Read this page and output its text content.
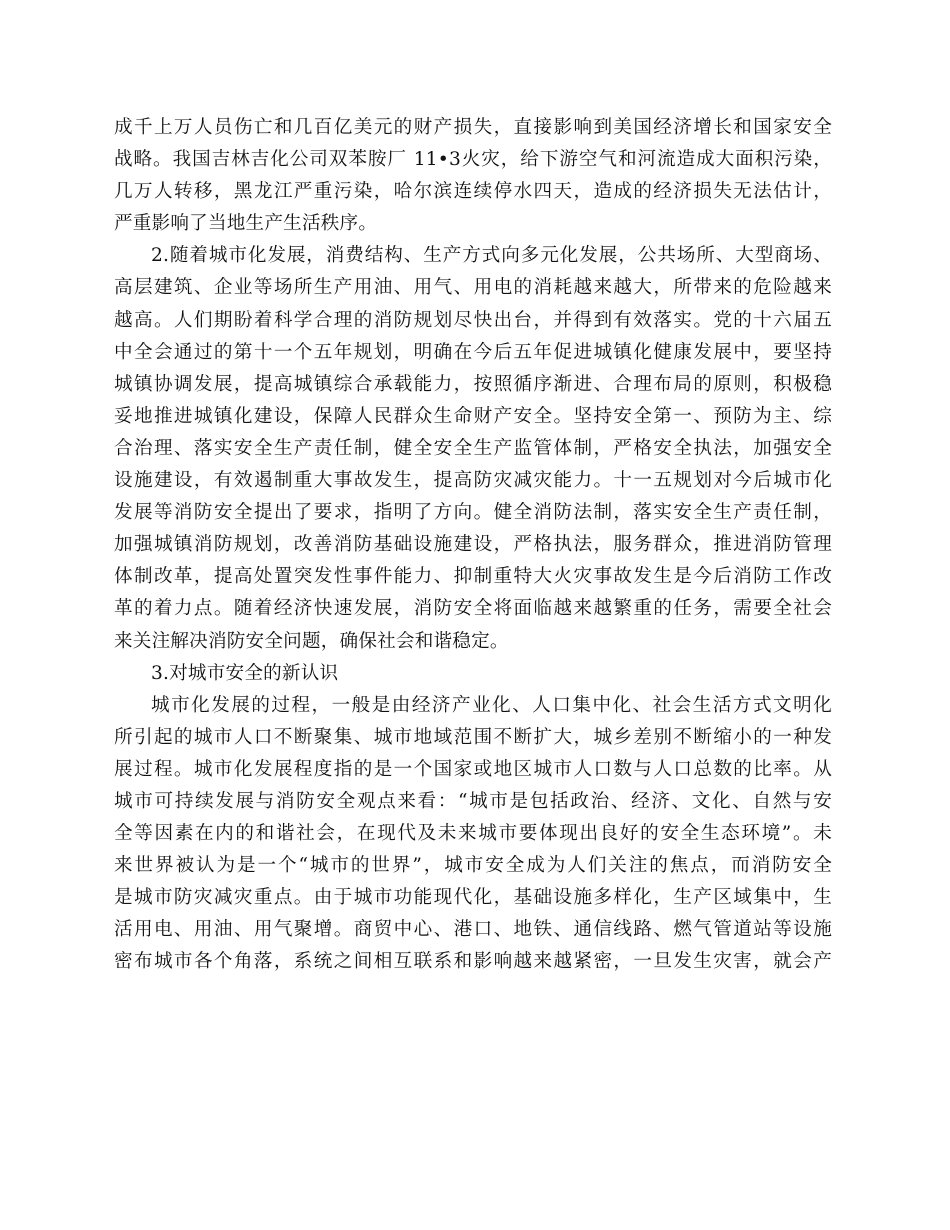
成千上万人员伤亡和几百亿美元的财产损失，直接影响到美国经济增长和国家安全
战略。我国吉林吉化公司双苯胺厂 11•3火灾，给下游空气和河流造成大面积污染，
几万人转移，黑龙江严重污染，哈尔滨连续停水四天，造成的经济损失无法估计，
严重影响了当地生产生活秩序。
2.随着城市化发展，消费结构、生产方式向多元化发展，公共场所、大型商场、
高层建筑、企业等场所生产用油、用气、用电的消耗越来越大，所带来的危险越来
越高。人们期盼着科学合理的消防规划尽快出台，并得到有效落实。党的十六届五
中全会通过的第十一个五年规划，明确在今后五年促进城镇化健康发展中，要坚持
城镇协调发展，提高城镇综合承载能力，按照循序渐进、合理布局的原则，积极稳
妥地推进城镇化建设，保障人民群众生命财产安全。坚持安全第一、预防为主、综
合治理、落实安全生产责任制，健全安全生产监管体制，严格安全执法，加强安全
设施建设，有效遏制重大事故发生，提高防灾减灾能力。十一五规划对今后城市化
发展等消防安全提出了要求，指明了方向。健全消防法制，落实安全生产责任制，
加强城镇消防规划，改善消防基础设施建设，严格执法，服务群众，推进消防管理
体制改革，提高处置突发性事件能力、抑制重特大火灾事故发生是今后消防工作改
革的着力点。随着经济快速发展，消防安全将面临越来越繁重的任务，需要全社会
来关注解决消防安全问题，确保社会和谐稳定。
3.对城市安全的新认识
城市化发展的过程，一般是由经济产业化、人口集中化、社会生活方式文明化
所引起的城市人口不断聚集、城市地域范围不断扩大，城乡差别不断缩小的一种发
展过程。城市化发展程度指的是一个国家或地区城市人口数与人口总数的比率。从
城市可持续发展与消防安全观点来看：“城市是包括政治、经济、文化、自然与安
全等因素在内的和谐社会，在现代及未来城市要体现出良好的安全生态环境”。未
来世界被认为是一个“城市的世界”，城市安全成为人们关注的焦点，而消防安全
是城市防灾减灾重点。由于城市功能现代化，基础设施多样化，生产区域集中，生
活用电、用油、用气聚增。商贸中心、港口、地铁、通信线路、燃气管道站等设施
密布城市各个角落，系统之间相互联系和影响越来越紧密，一旦发生灾害，就会产
